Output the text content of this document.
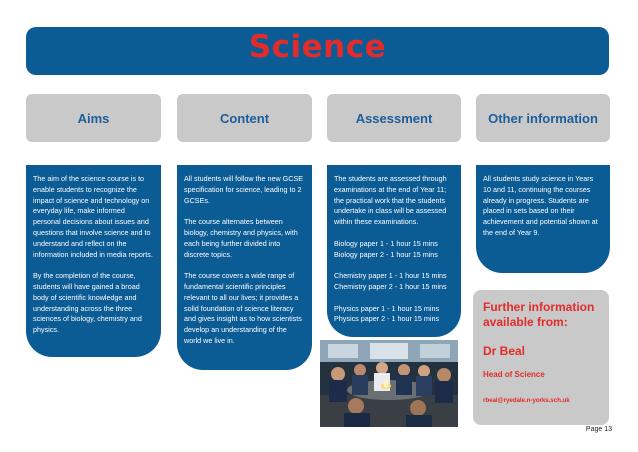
Science
Aims	Content	Assessment	Other information

The aim of the science course is to enable students to recognize the impact of science and technology on everyday life, make informed personal decisions about issues and questions that involve science and to understand and reflect on the information included in media reports.

By the completion of the course, students will have gained a broad body of scientific knowledge and understanding across the three sciences of biology, chemistry and physics.

All students will follow the new GCSE specification for science, leading to 2 GCSEs.

The course alternates between biology, chemistry and physics, with each being further divided into discrete topics.

The course covers a wide range of fundamental scientific principles relevant to all our lives; it provides a solid foundation of science literacy and gives insight as to how scientists develop an understanding of the world we live in.

The students are assessed through examinations at the end of Year 11; the practical work that the students undertake in class will be assessed within these examinations.

Biology paper 1 - 1 hour 15 mins
Biology paper 2 - 1 hour 15 mins

Chemistry paper 1 - 1 hour 15 mins
Chemistry paper 2 - 1 hour 15 mins

Physics paper 1 - 1 hour 15 mins
Physics paper 2 - 1 hour 15 mins

All students study science in Years 10 and 11, continuing the courses already in progress. Students are placed in sets based on their achievement and potential shown at the end of Year 9.

Further information available from:

Dr Beal

Head of Science

rbeal@ryedale.n-yorks.sch.uk
Page 13
